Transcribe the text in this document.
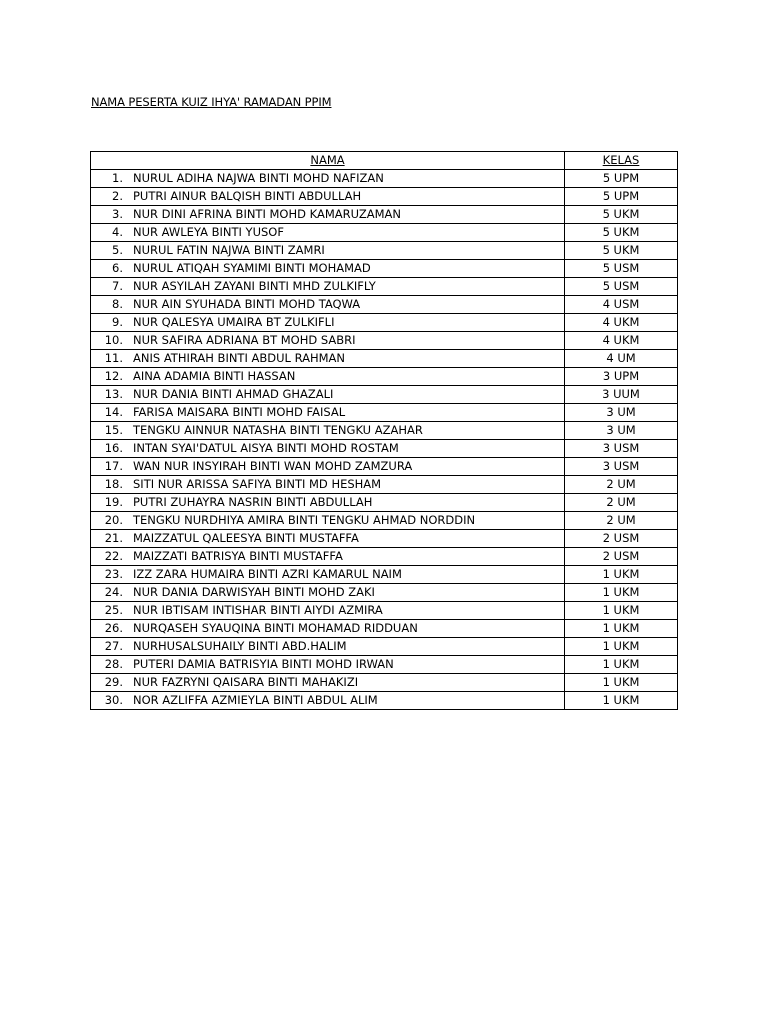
NAMA PESERTA KUIZ IHYA' RAMADAN PPIM
NAMA	KELAS
1. NURUL ADIHA NAJWA BINTI MOHD NAFIZAN	5 UPM
2. PUTRI AINUR BALQISH BINTI ABDULLAH	5 UPM
3. NUR DINI AFRINA BINTI MOHD KAMARUZAMAN	5 UKM
4. NUR AWLEYA BINTI YUSOF	5 UKM
5. NURUL FATIN NAJWA BINTI ZAMRI	5 UKM
6. NURUL ATIQAH SYAMIMI BINTI MOHAMAD	5 USM
7. NUR ASYILAH ZAYANI BINTI MHD ZULKIFLY	5 USM
8. NUR AIN SYUHADA BINTI MOHD TAQWA	4 USM
9. NUR QALESYA UMAIRA BT ZULKIFLI	4 UKM
10. NUR SAFIRA ADRIANA BT MOHD SABRI	4 UKM
11. ANIS ATHIRAH BINTI ABDUL RAHMAN	4 UM
12. AINA ADAMIA BINTI HASSAN	3 UPM
13. NUR DANIA BINTI AHMAD GHAZALI	3 UUM
14. FARISA MAISARA BINTI MOHD FAISAL	3 UM
15. TENGKU AINNUR NATASHA BINTI TENGKU AZAHAR	3 UM
16. INTAN SYAI'DATUL AISYA BINTI MOHD ROSTAM	3 USM
17. WAN NUR INSYIRAH BINTI WAN MOHD ZAMZURA	3 USM
18. SITI NUR ARISSA SAFIYA BINTI MD HESHAM	2 UM
19. PUTRI ZUHAYRA NASRIN BINTI ABDULLAH	2 UM
20. TENGKU NURDHIYA AMIRA BINTI TENGKU AHMAD NORDDIN	2 UM
21. MAIZZATUL QALEESYA BINTI MUSTAFFA	2 USM
22. MAIZZATI BATRISYA BINTI MUSTAFFA	2 USM
23. IZZ ZARA HUMAIRA BINTI AZRI KAMARUL NAIM	1 UKM
24. NUR DANIA DARWISYAH BINTI MOHD ZAKI	1 UKM
25. NUR IBTISAM INTISHAR BINTI AIYDI AZMIRA	1 UKM
26. NURQASEH SYAUQINA BINTI MOHAMAD RIDDUAN	1 UKM
27. NURHUSALSUHAILY BINTI ABD.HALIM	1 UKM
28. PUTERI DAMIA BATRISYIA BINTI MOHD IRWAN	1 UKM
29. NUR FAZRYNI QAISARA BINTI MAHAKIZI	1 UKM
30. NOR AZLIFFA AZMIEYLA BINTI ABDUL ALIM	1 UKM
